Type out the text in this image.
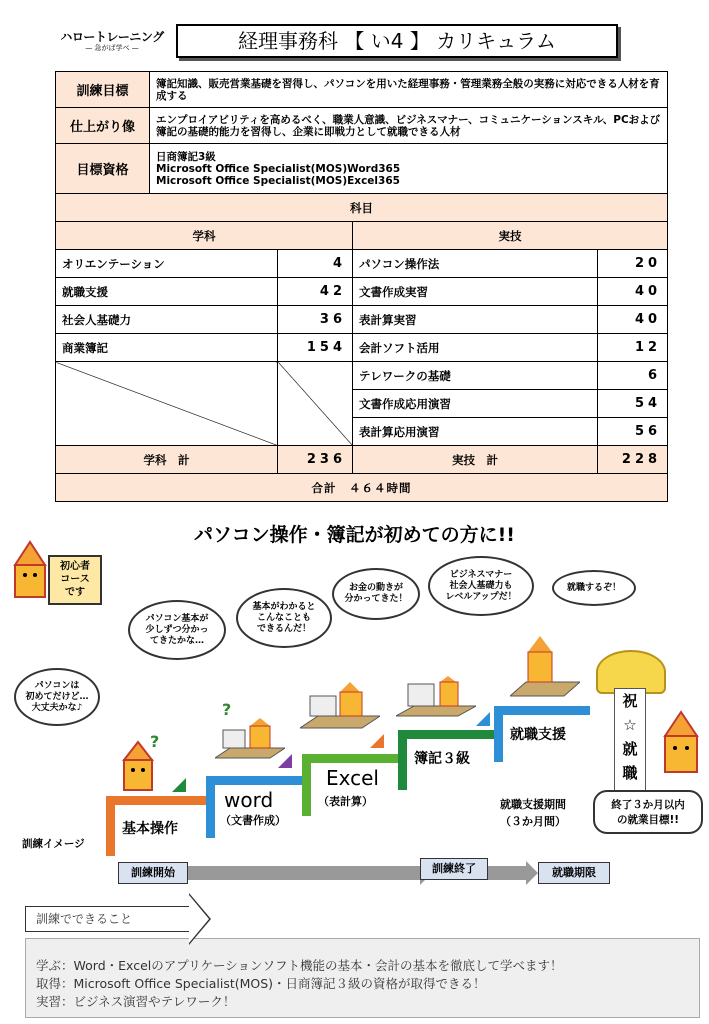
ハロートレーニング
— 急がば学べ —	経理事務科 【 い4 】 カリキュラム
訓練目標	簿記知識、販売営業基礎を習得し、パソコンを用いた経理事務・管理業務全般の実務に対応できる人材を育成する			
仕上がり像	エンプロイアビリティを高めるべく、職業人意識、ビジネスマナー、コミュニケーションスキル、PCおよび簿記の基礎的能力を習得し、企業に即戦力として就職できる人材			
目標資格	日商簿記3級
Microsoft Office Specialist(MOS)Word365
Microsoft Office Specialist(MOS)Excel365			
科目				
学科			実技	
オリエンテーション		4	パソコン操作法	20
就職支援		42	文書作成実習	40
社会人基礎力		36	表計算実習	40
商業簿記		154	会計ソフト活用	12
			テレワークの基礎	6
			文書作成応用演習	54
			表計算応用演習	56
学科　計		236	実技　計	228
合計　４６４時間				
パソコン操作・簿記が初めての方に!!
初心者
コース
です
パソコンは
初めてだけど…
大丈夫かな♪
パソコン基本が
少しずつ分かっ
てきたかな…
基本がわかると
こんなことも
できるんだ！
お金の動きが
分かってきた！
ビジネスマナー
社会人基礎力も
レベルアップだ！
就職するぞ！
?
?	祝
☆
就
職
基本操作
word
（文書作成）
Excel
（表計算）
簿記３級
就職支援
訓練イメージ
就職支援期間
（３か月間）
終了３か月以内
の就業目標!!
訓練開始	訓練終了	就職期限
学ぶ：Word・Excelのアプリケーションソフト機能の基本・会計の基本を徹底して学べます！
取得：Microsoft Office Specialist(MOS)・日商簿記３級の資格が取得できる！
実習：ビジネス演習やテレワーク！
訓練でできること
